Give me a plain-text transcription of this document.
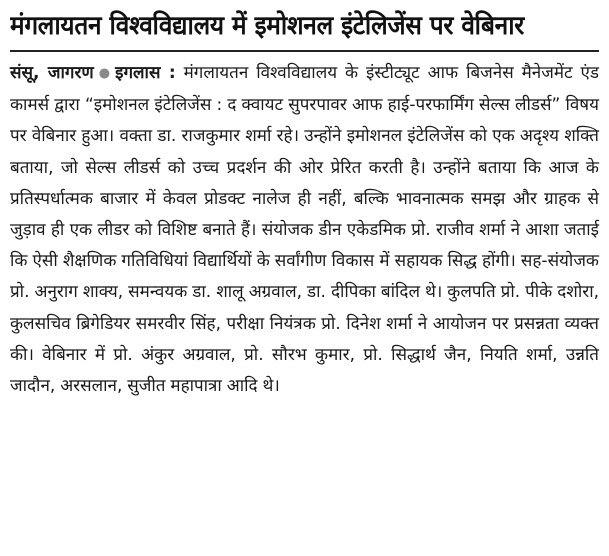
मंगलायतन विश्वविद्यालय में इमोशनल इंटेलिजेंस पर वेबिनार

संसू, जागरण ● इगलास : मंगलायतन विश्वविद्यालय के इंस्टीट्यूट आफ बिजनेस मैनेजमेंट एंड कामर्स द्वारा “इमोशनल इंटेलिजेंस : द क्वायट सुपरपावर आफ हाई-परफार्मिंग सेल्स लीडर्स” विषय पर वेबिनार हुआ। वक्ता डा. राजकुमार शर्मा रहे। उन्होंने इमोशनल इंटेलिजेंस को एक अदृश्य शक्ति बताया, जो सेल्स लीडर्स को उच्च प्रदर्शन की ओर प्रेरित करती है। उन्होंने बताया कि आज के प्रतिस्पर्धात्मक बाजार में केवल प्रोडक्ट नालेज ही नहीं, बल्कि भावनात्मक समझ और ग्राहक से जुड़ाव ही एक लीडर को विशिष्ट बनाते हैं। संयोजक डीन एकेडमिक प्रो. राजीव शर्मा ने आशा जताई कि ऐसी शैक्षणिक गतिविधियां विद्यार्थियों के सर्वांगीण विकास में सहायक सिद्ध होंगी। सह-संयोजक प्रो. अनुराग शाक्य, समन्वयक डा. शालू अग्रवाल, डा. दीपिका बांदिल थे। कुलपति प्रो. पीके दशोरा, कुलसचिव ब्रिगेडियर समरवीर सिंह, परीक्षा नियंत्रक प्रो. दिनेश शर्मा ने आयोजन पर प्रसन्नता व्यक्त की। वेबिनार में प्रो. अंकुर अग्रवाल, प्रो. सौरभ कुमार, प्रो. सिद्धार्थ जैन, नियति शर्मा, उन्नति जादौन, अरसलान, सुजीत महापात्रा आदि थे।
